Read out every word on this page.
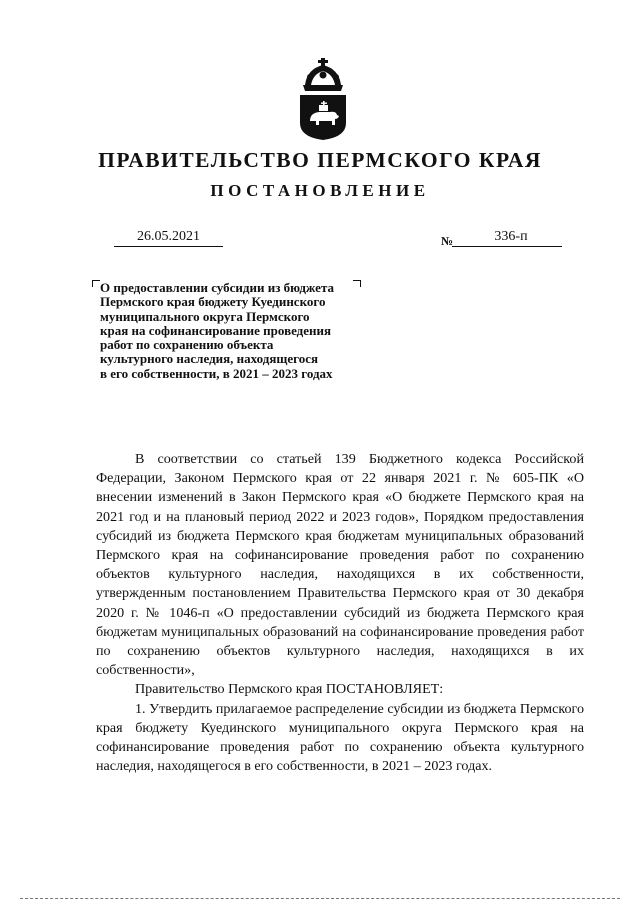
ПРАВИТЕЛЬСТВО ПЕРМСКОГО КРАЯ
ПОСТАНОВЛЕНИЕ
26.05.2021	№	336-п
О предоставлении субсидии из бюджета
Пермского края бюджету Куединского
муниципального округа Пермского
края на софинансирование проведения
работ по сохранению объекта
культурного наследия, находящегося
в его собственности, в 2021 – 2023 годах

В соответствии со статьей 139 Бюджетного кодекса Российской Федерации, Законом Пермского края от 22 января 2021 г. № 605-ПК «О внесении изменений в Закон Пермского края «О бюджете Пермского края на 2021 год и на плановый период 2022 и 2023 годов», Порядком предоставления субсидий из бюджета Пермского края бюджетам муниципальных образований Пермского края на софинансирование проведения работ по сохранению объектов культурного наследия, находящихся в их собственности, утвержденным постановлением Правительства Пермского края от 30 декабря 2020 г. № 1046-п «О предоставлении субсидий из бюджета Пермского края бюджетам муниципальных образований на софинансирование проведения работ по сохранению объектов культурного наследия, находящихся в их собственности»,

Правительство Пермского края ПОСТАНОВЛЯЕТ:

1. Утвердить прилагаемое распределение субсидии из бюджета Пермского края бюджету Куединского муниципального округа Пермского края на софинансирование проведения работ по сохранению объекта культурного наследия, находящегося в его собственности, в 2021 – 2023 годах.
